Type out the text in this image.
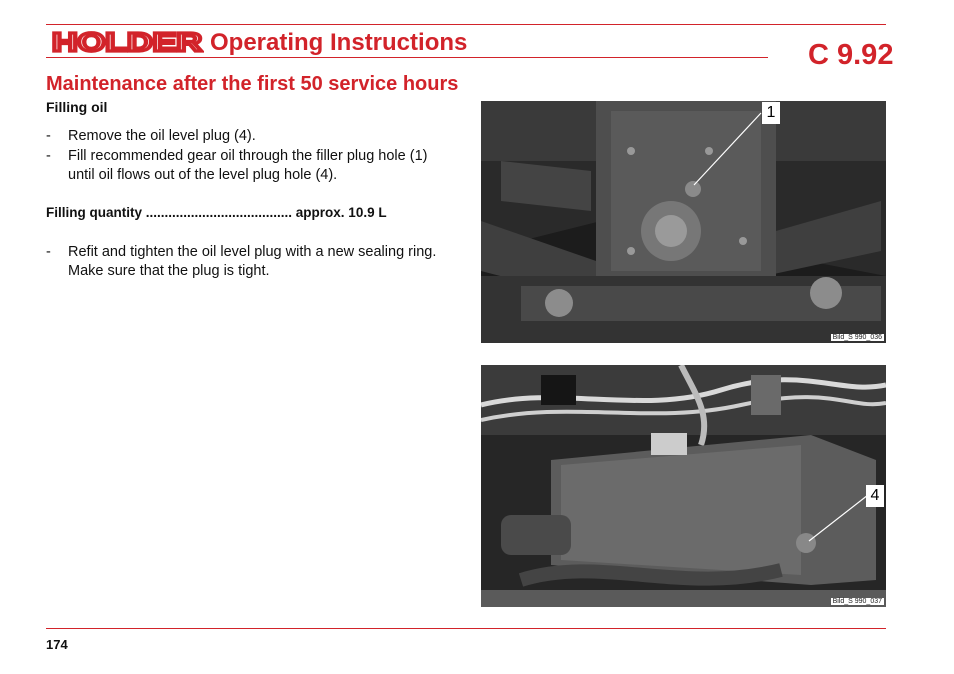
HOLDER Operating Instructions	C 9.92
Maintenance after the first 50 service hours
Filling oil
- Remove the oil level plug (4).
- Fill recommended gear oil through the filler plug hole (1) until oil flows out of the level plug hole (4).
Filling quantity ....................................... approx. 10.9 L
- Refit and tighten the oil level plug with a new sealing ring. Make sure that the plug is tight.
1
Bild_S 990_036
4
Bild_S 990_037
174
